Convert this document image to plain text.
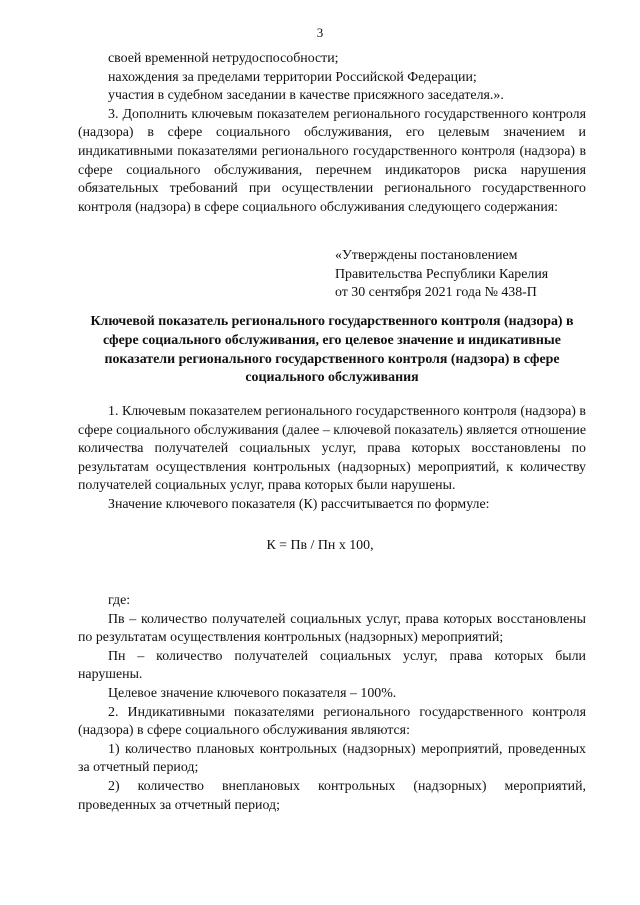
3

своей временной нетрудоспособности;

нахождения за пределами территории Российской Федерации;

участия в судебном заседании в качестве присяжного заседателя.».

3. Дополнить ключевым показателем регионального государственного контроля (надзора) в сфере социального обслуживания, его целевым значением и индикативными показателями регионального государственного контроля (надзора) в сфере социального обслуживания, перечнем индикаторов риска нарушения обязательных требований при осуществлении регионального государственного контроля (надзора) в сфере социального обслуживания следующего содержания:

«Утверждены постановлением

Правительства Республики Карелия

от 30 сентября 2021 года № 438-П

Ключевой показатель регионального государственного контроля (надзора) в сфере социального обслуживания, его целевое значение и индикативные показатели регионального государственного контроля (надзора) в сфере социального обслуживания

1. Ключевым показателем регионального государственного контроля (надзора) в сфере социального обслуживания (далее – ключевой показатель) является отношение количества получателей социальных услуг, права которых восстановлены по результатам осуществления контрольных (надзорных) мероприятий, к количеству получателей социальных услуг, права которых были нарушены.

Значение ключевого показателя (К) рассчитывается по формуле:

К = Пв / Пн х 100,

где:

Пв – количество получателей социальных услуг, права которых восстановлены по результатам осуществления контрольных (надзорных) мероприятий;

Пн – количество получателей социальных услуг, права которых были нарушены.

Целевое значение ключевого показателя – 100%.

2. Индикативными показателями регионального государственного контроля (надзора) в сфере социального обслуживания являются:

1) количество плановых контрольных (надзорных) мероприятий, проведенных за отчетный период;

2) количество внеплановых контрольных (надзорных) мероприятий, проведенных за отчетный период;
